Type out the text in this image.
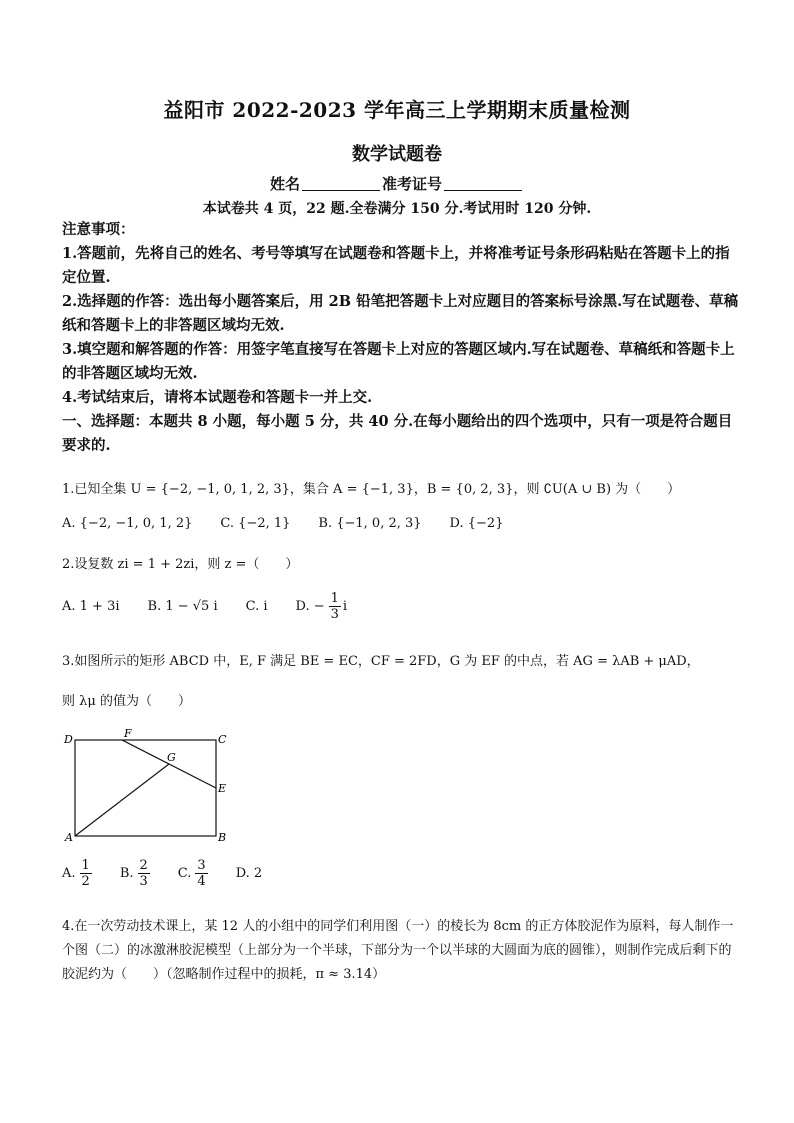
益阳市 2022-2023 学年高三上学期期末质量检测
数学试题卷
姓名	准考证号
本试卷共 4 页，22 题.全卷满分 150 分.考试用时 120 分钟.

注意事项：

1.答题前，先将自己的姓名、考号等填写在试题卷和答题卡上，并将准考证号条形码粘贴在答题卡上的指定位置.

2.选择题的作答：选出每小题答案后，用 2B 铅笔把答题卡上对应题目的答案标号涂黑.写在试题卷、草稿纸和答题卡上的非答题区域均无效.

3.填空题和解答题的作答：用签字笔直接写在答题卡上对应的答题区域内.写在试题卷、草稿纸和答题卡上的非答题区域均无效.

4.考试结束后，请将本试题卷和答题卡一并上交.

一、选择题：本题共 8 小题，每小题 5 分，共 40 分.在每小题给出的四个选项中，只有一项是符合题目要求的.

1.已知全集 U = {−2, −1, 0, 1, 2, 3}，集合 A = {−1, 3}，B = {0, 2, 3}，则 ∁U(A ∪ B) 为（　　）

A. {−2, −1, 0, 1, 2} C. {−2, 1} B. {−1, 0, 2, 3} D. {−2}

2.设复数 zi = 1 + 2zi，则 z =（　　）

A. 1 + 3i B. 1 − √5 i C. i D. − $\frac{1}{3}$ i

3.如图所示的矩形 ABCD 中，E, F 满足 BE = EC，CF = 2FD，G 为 EF 的中点，若 AG = λAB + μAD，

则 λμ 的值为（　　）

D	F	C
G
E
A	B
A. $\frac{1}{2} B$. $\frac{2}{3} C$. $\frac{3}{4} D$. 2

4.在一次劳动技术课上，某 12 人的小组中的同学们利用图（一）的棱长为 8cm 的正方体胶泥作为原料，每人制作一个图（二）的冰激淋胶泥模型（上部分为一个半球，下部分为一个以半球的大圆面为底的圆锥），则制作完成后剩下的胶泥约为（　　）（忽略制作过程中的损耗，π ≈ 3.14）
